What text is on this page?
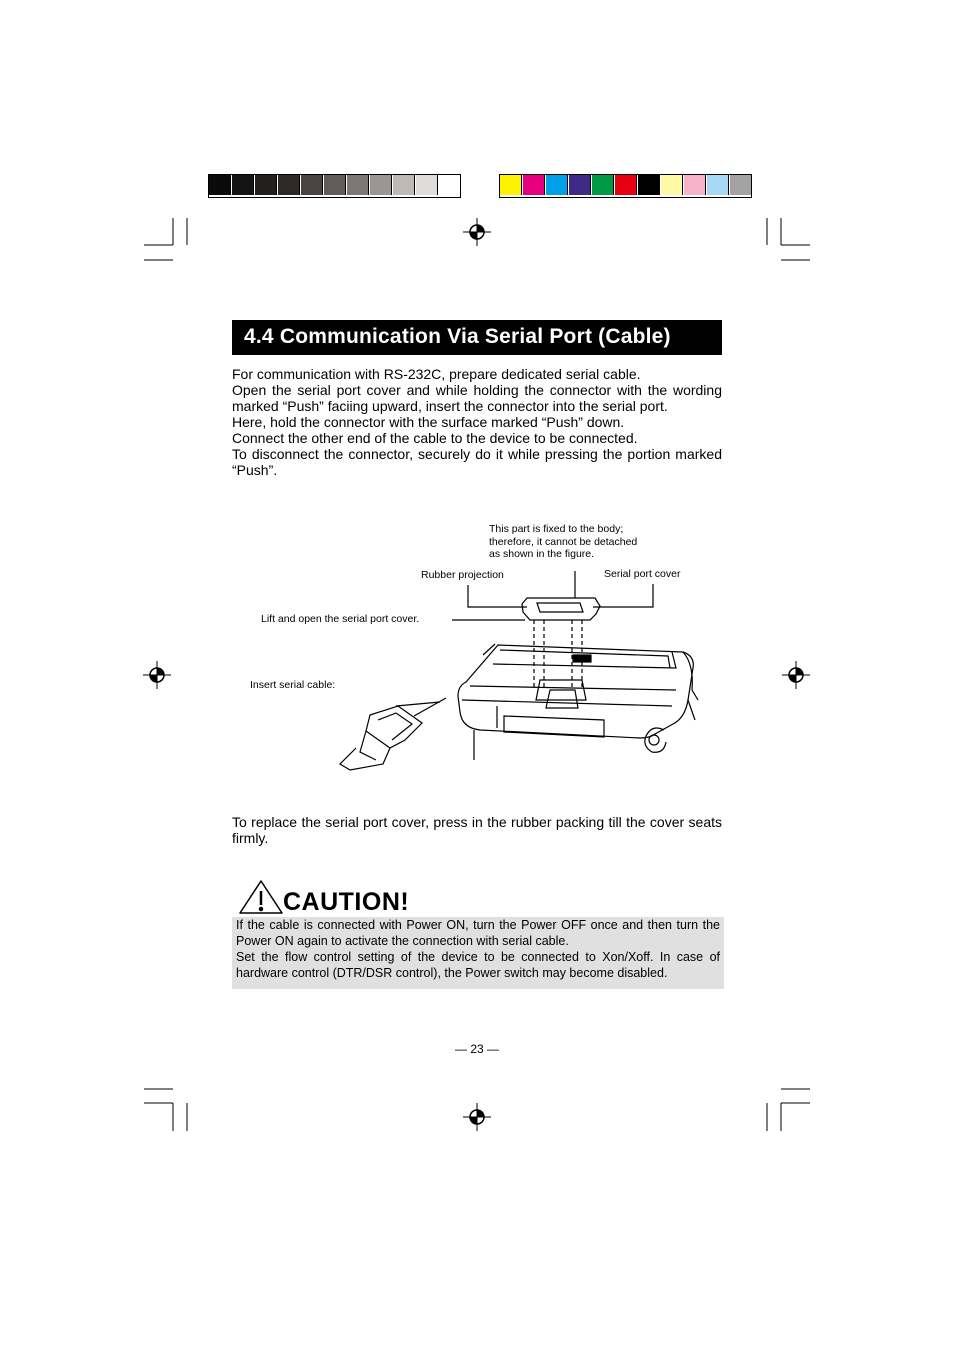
4.4 Communication Via Serial Port (Cable)

For communication with RS-232C, prepare dedicated serial cable.

Open the serial port cover and while holding the connector with the wording marked “Push” faciing upward, insert the connector into the serial port.

Here, hold the connector with the surface marked “Push” down.

Connect the other end of the cable to the device to be connected.

To disconnect the connector, securely do it while pressing the portion marked “Push”.

This part is fixed to the body;
therefore, it cannot be detached
as shown in the figure.
Rubber projection	Serial port cover
Lift and open the serial port cover.
Insert serial cable:

To replace the serial port cover, press in the rubber packing till the cover seats firmly.

CAUTION!

If the cable is connected with Power ON, turn the Power OFF once and then turn the Power ON again to activate the connection with serial cable.

Set the flow control setting of the device to be connected to Xon/Xoff. In case of hardware control (DTR/DSR control), the Power switch may become disabled.

— 23 —
